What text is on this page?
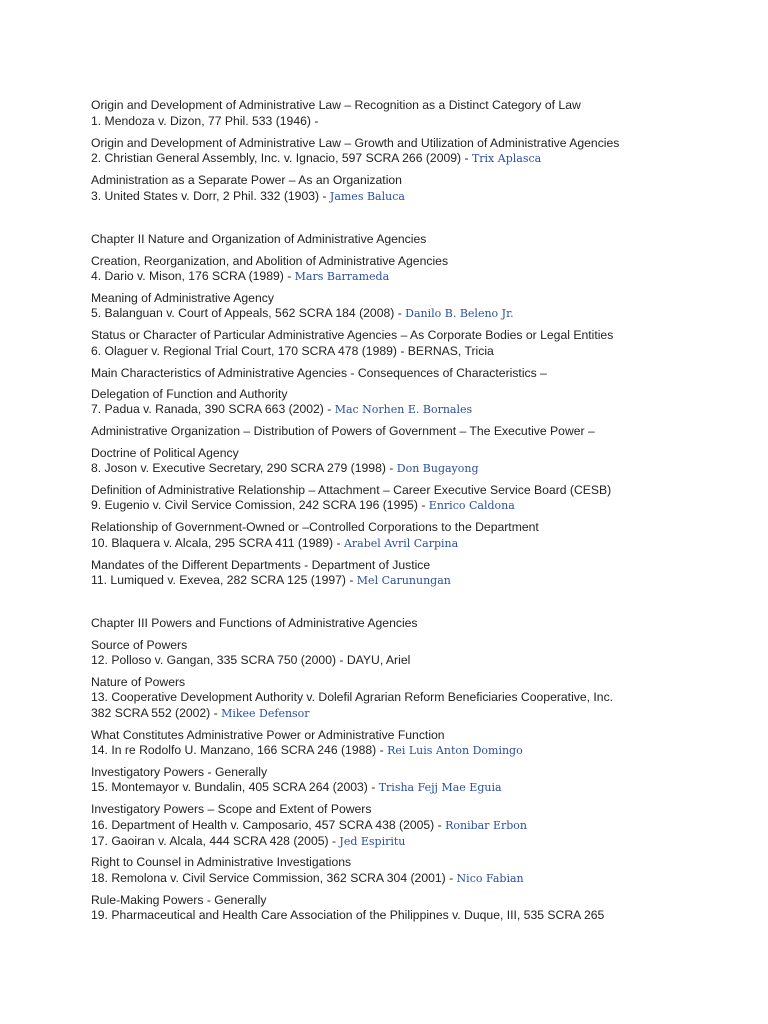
Origin and Development of Administrative Law – Recognition as a Distinct Category of Law
1. Mendoza v. Dizon, 77 Phil. 533 (1946) -
Origin and Development of Administrative Law – Growth and Utilization of Administrative Agencies
2. Christian General Assembly, Inc. v. Ignacio, 597 SCRA 266 (2009) - Trix Aplasca
Administration as a Separate Power – As an Organization
3. United States v. Dorr, 2 Phil. 332 (1903) - James Baluca
Chapter II Nature and Organization of Administrative Agencies
Creation, Reorganization, and Abolition of Administrative Agencies
4. Dario v. Mison, 176 SCRA (1989) - Mars Barrameda
Meaning of Administrative Agency
5. Balanguan v. Court of Appeals, 562 SCRA 184 (2008) - Danilo B. Beleno Jr.
Status or Character of Particular Administrative Agencies – As Corporate Bodies or Legal Entities
6. Olaguer v. Regional Trial Court, 170 SCRA 478 (1989) - BERNAS, Tricia
Main Characteristics of Administrative Agencies - Consequences of Characteristics –
Delegation of Function and Authority
7. Padua v. Ranada, 390 SCRA 663 (2002) - Mac Norhen E. Bornales
Administrative Organization – Distribution of Powers of Government – The Executive Power –
Doctrine of Political Agency
8. Joson v. Executive Secretary, 290 SCRA 279 (1998) - Don Bugayong
Definition of Administrative Relationship – Attachment – Career Executive Service Board (CESB)
9. Eugenio v. Civil Service Comission, 242 SCRA 196 (1995) - Enrico Caldona
Relationship of Government-Owned or –Controlled Corporations to the Department
10. Blaquera v. Alcala, 295 SCRA 411 (1989) - Arabel Avril Carpina
Mandates of the Different Departments - Department of Justice
11. Lumiqued v. Exevea, 282 SCRA 125 (1997) - Mel Carunungan
Chapter III Powers and Functions of Administrative Agencies
Source of Powers
12. Polloso v. Gangan, 335 SCRA 750 (2000) - DAYU, Ariel
Nature of Powers
13. Cooperative Development Authority v. Dolefil Agrarian Reform Beneficiaries Cooperative, Inc.
382 SCRA 552 (2002) - Mikee Defensor
What Constitutes Administrative Power or Administrative Function
14. In re Rodolfo U. Manzano, 166 SCRA 246 (1988) - Rei Luis Anton Domingo
Investigatory Powers - Generally
15. Montemayor v. Bundalin, 405 SCRA 264 (2003) - Trisha Fejj Mae Eguia
Investigatory Powers – Scope and Extent of Powers
16. Department of Health v. Camposario, 457 SCRA 438 (2005) - Ronibar Erbon
17. Gaoiran v. Alcala, 444 SCRA 428 (2005) - Jed Espiritu
Right to Counsel in Administrative Investigations
18. Remolona v. Civil Service Commission, 362 SCRA 304 (2001) - Nico Fabian
Rule-Making Powers - Generally
19. Pharmaceutical and Health Care Association of the Philippines v. Duque, III, 535 SCRA 265
